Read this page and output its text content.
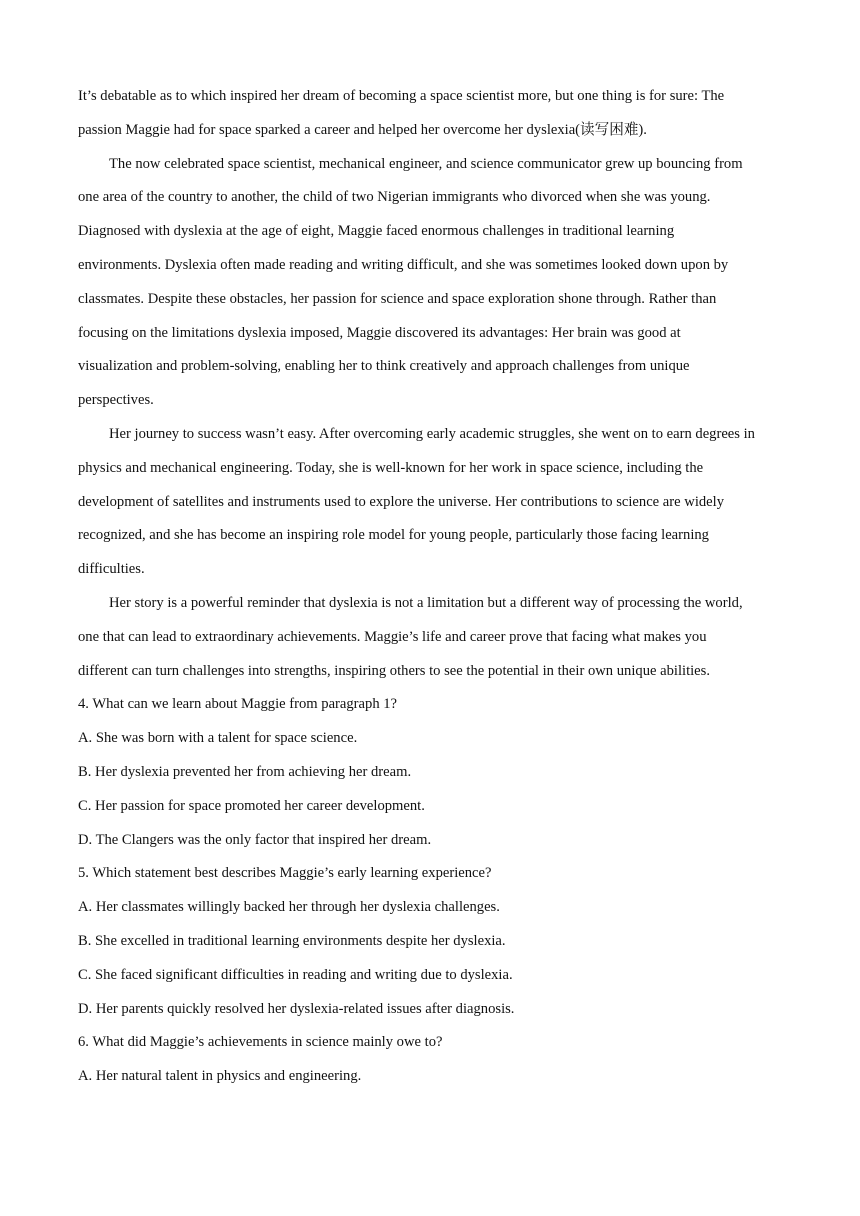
It’s debatable as to which inspired her dream of becoming a space scientist more, but one thing is for sure: The

passion Maggie had for space sparked a career and helped her overcome her dyslexia(读写困难).

The now celebrated space scientist, mechanical engineer, and science communicator grew up bouncing from

one area of the country to another, the child of two Nigerian immigrants who divorced when she was young.

Diagnosed with dyslexia at the age of eight, Maggie faced enormous challenges in traditional learning

environments. Dyslexia often made reading and writing difficult, and she was sometimes looked down upon by

classmates. Despite these obstacles, her passion for science and space exploration shone through. Rather than

focusing on the limitations dyslexia imposed, Maggie discovered its advantages: Her brain was good at

visualization and problem-solving, enabling her to think creatively and approach challenges from unique

perspectives.

Her journey to success wasn’t easy. After overcoming early academic struggles, she went on to earn degrees in

physics and mechanical engineering. Today, she is well-known for her work in space science, including the

development of satellites and instruments used to explore the universe. Her contributions to science are widely

recognized, and she has become an inspiring role model for young people, particularly those facing learning

difficulties.

Her story is a powerful reminder that dyslexia is not a limitation but a different way of processing the world,

one that can lead to extraordinary achievements. Maggie’s life and career prove that facing what makes you

different can turn challenges into strengths, inspiring others to see the potential in their own unique abilities.

4. What can we learn about Maggie from paragraph 1?

A. She was born with a talent for space science.

B. Her dyslexia prevented her from achieving her dream.

C. Her passion for space promoted her career development.

D. The Clangers was the only factor that inspired her dream.

5. Which statement best describes Maggie’s early learning experience?

A. Her classmates willingly backed her through her dyslexia challenges.

B. She excelled in traditional learning environments despite her dyslexia.

C. She faced significant difficulties in reading and writing due to dyslexia.

D. Her parents quickly resolved her dyslexia-related issues after diagnosis.

6. What did Maggie’s achievements in science mainly owe to?

A. Her natural talent in physics and engineering.
